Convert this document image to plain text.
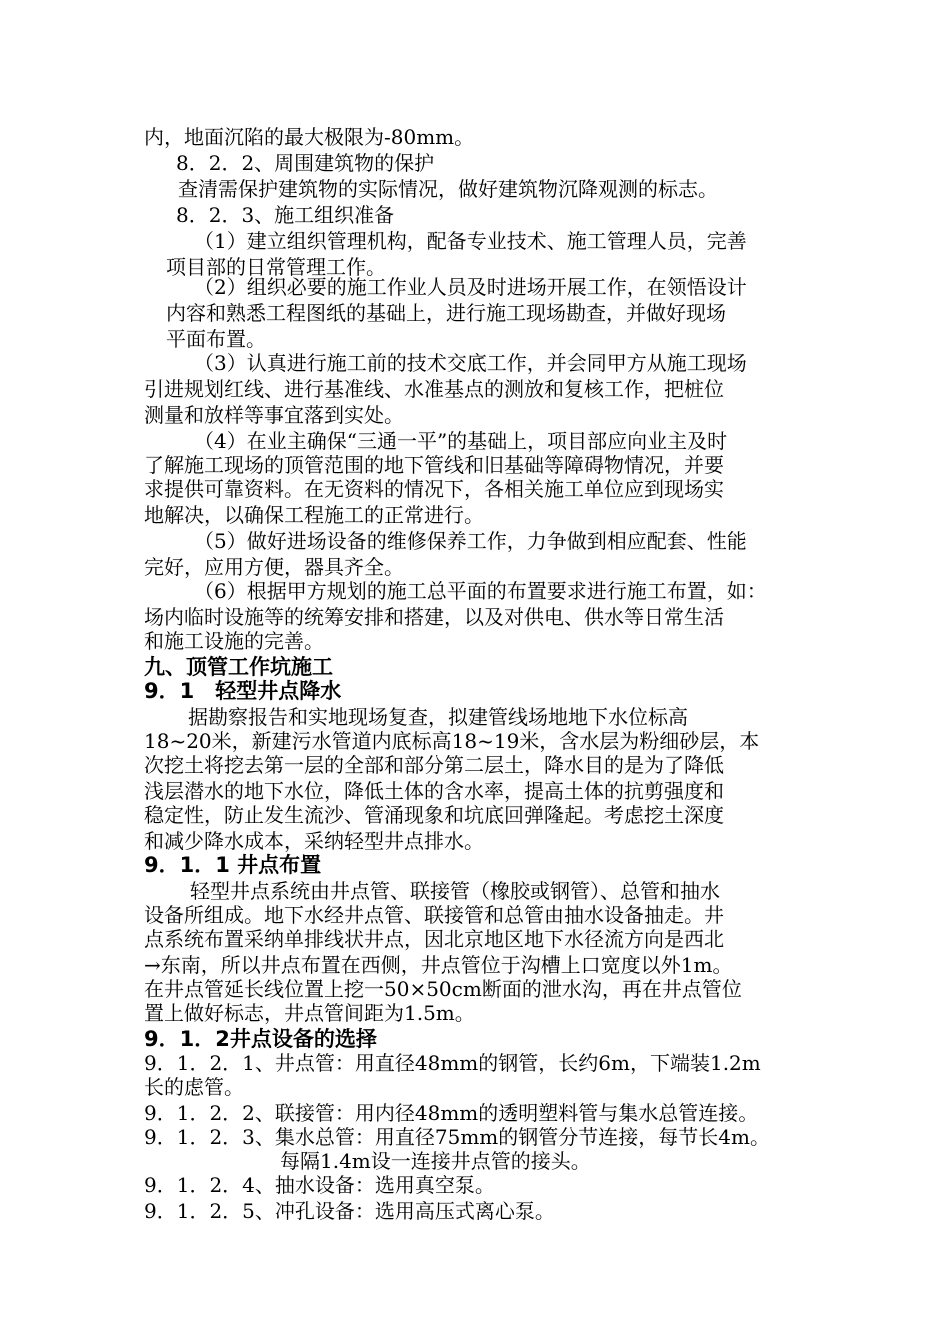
内，地面沉陷的最大极限为-80mm。

8．2．2、周围建筑物的保护

查清需保护建筑物的实际情况，做好建筑物沉降观测的标志。

8．2．3、施工组织准备

（1）建立组织管理机构，配备专业技术、施工管理人员，完善

项目部的日常管理工作。

（2）组织必要的施工作业人员及时进场开展工作，在领悟设计

内容和熟悉工程图纸的基础上，进行施工现场勘查，并做好现场

平面布置。

（3）认真进行施工前的技术交底工作，并会同甲方从施工现场

引进规划红线、进行基准线、水准基点的测放和复核工作，把桩位

测量和放样等事宜落到实处。

（4）在业主确保“三通一平”的基础上，项目部应向业主及时

了解施工现场的顶管范围的地下管线和旧基础等障碍物情况，并要

求提供可靠资料。在无资料的情况下，各相关施工单位应到现场实

地解决，以确保工程施工的正常进行。

（5）做好进场设备的维修保养工作，力争做到相应配套、性能

完好，应用方便，器具齐全。

（6）根据甲方规划的施工总平面的布置要求进行施工布置，如：

场内临时设施等的统筹安排和搭建，以及对供电、供水等日常生活

和施工设施的完善。

九、顶管工作坑施工

9．1　轻型井点降水

据勘察报告和实地现场复查，拟建管线场地地下水位标高

18~20米，新建污水管道内底标高18~19米，含水层为粉细砂层，本

次挖土将挖去第一层的全部和部分第二层土，降水目的是为了降低

浅层潜水的地下水位，降低土体的含水率，提高土体的抗剪强度和

稳定性，防止发生流沙、管涌现象和坑底回弹隆起。考虑挖土深度

和减少降水成本，采纳轻型井点排水。

9．1．1 井点布置

轻型井点系统由井点管、联接管（橡胶或钢管）、总管和抽水

设备所组成。地下水经井点管、联接管和总管由抽水设备抽走。井

点系统布置采纳单排线状井点，因北京地区地下水径流方向是西北

→东南，所以井点布置在西侧，井点管位于沟槽上口宽度以外1m。

在井点管延长线位置上挖一50×50cm断面的泄水沟，再在井点管位

置上做好标志，井点管间距为1.5m。

9．1．2井点设备的选择

9．1．2．1、井点管：用直径48mm的钢管，长约6m，下端装1.2m

长的虑管。

9．1．2．2、联接管：用内径48mm的透明塑料管与集水总管连接。

9．1．2．3、集水总管：用直径75mm的钢管分节连接，每节长4m。

每隔1.4m设一连接井点管的接头。

9．1．2．4、抽水设备：选用真空泵。

9．1．2．5、冲孔设备：选用高压式离心泵。
